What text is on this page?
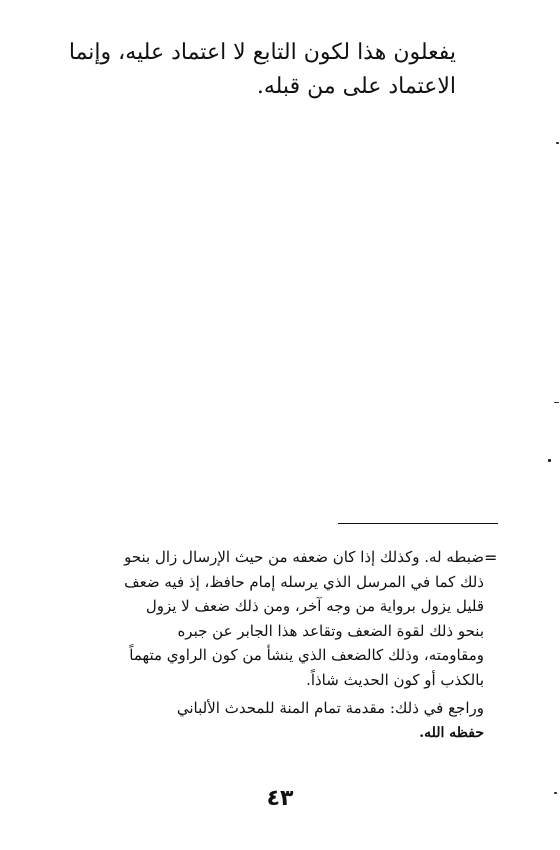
يفعلون هذا لكون التابع لا اعتماد عليه، وإنما
الاعتماد على من قبله.

=
ضبطه له. وكذلك إذا كان ضعفه من حيث الإرسال زال بنحو
ذلك كما في المرسل الذي يرسله إمام حافظ، إذ فيه ضعف
قليل يزول برواية من وجه آخر، ومن ذلك ضعف لا يزول
بنحو ذلك لقوة الضعف وتقاعد هذا الجابر عن جبره
ومقاومته، وذلك كالضعف الذي ينشأ من كون الراوي متهماً
بالكذب أو كون الحديث شاذاً.
وراجع في ذلك: مقدمة تمام المنة للمحدث الألباني
حفظه الله.
٤٣
